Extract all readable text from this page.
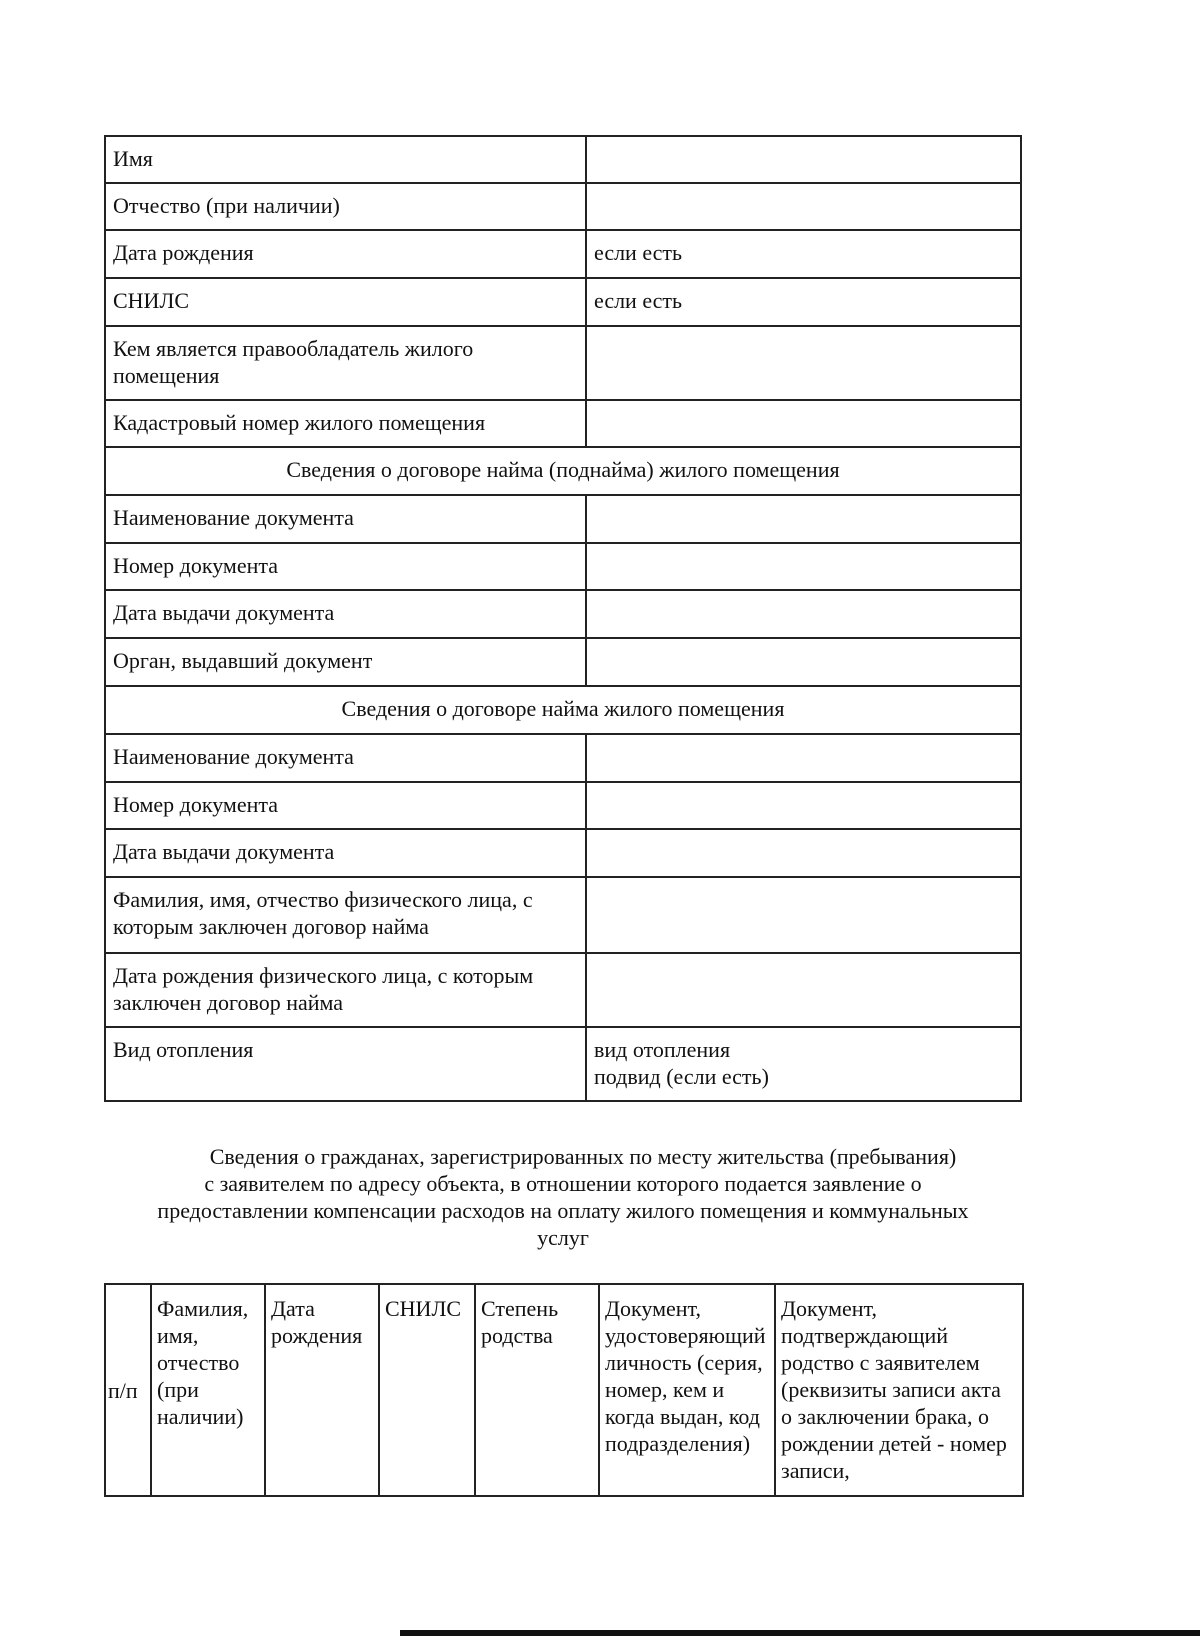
Имя	
Отчество (при наличии)	
Дата рождения	если есть
СНИЛС	если есть
Кем является правообладатель жилого помещения	
Кадастровый номер жилого помещения	
Сведения о договоре найма (поднайма) жилого помещения	
Наименование документа	
Номер документа	
Дата выдачи документа	
Орган, выдавший документ	
Сведения о договоре найма жилого помещения	
Наименование документа	
Номер документа	
Дата выдачи документа	
Фамилия, имя, отчество физического лица, с которым заключен договор найма	
Дата рождения физического лица, с которым заключен договор найма	
Вид отопления	вид отопления
подвид (если есть)
Сведения о гражданах, зарегистрированных по месту жительства (пребывания)
с заявителем по адресу объекта, в отношении которого подается заявление о
предоставлении компенсации расходов на оплату жилого помещения и коммунальных
услуг
п/п	Фамилия, имя, отчество (при наличии)	Дата рождения	СНИЛС	Степень родства	Документ, удостоверяющий личность (серия, номер, кем и когда выдан, код подразделения)	Документ, подтверждающий родство с заявителем (реквизиты записи акта о заключении брака, о рождении детей - номер записи,
